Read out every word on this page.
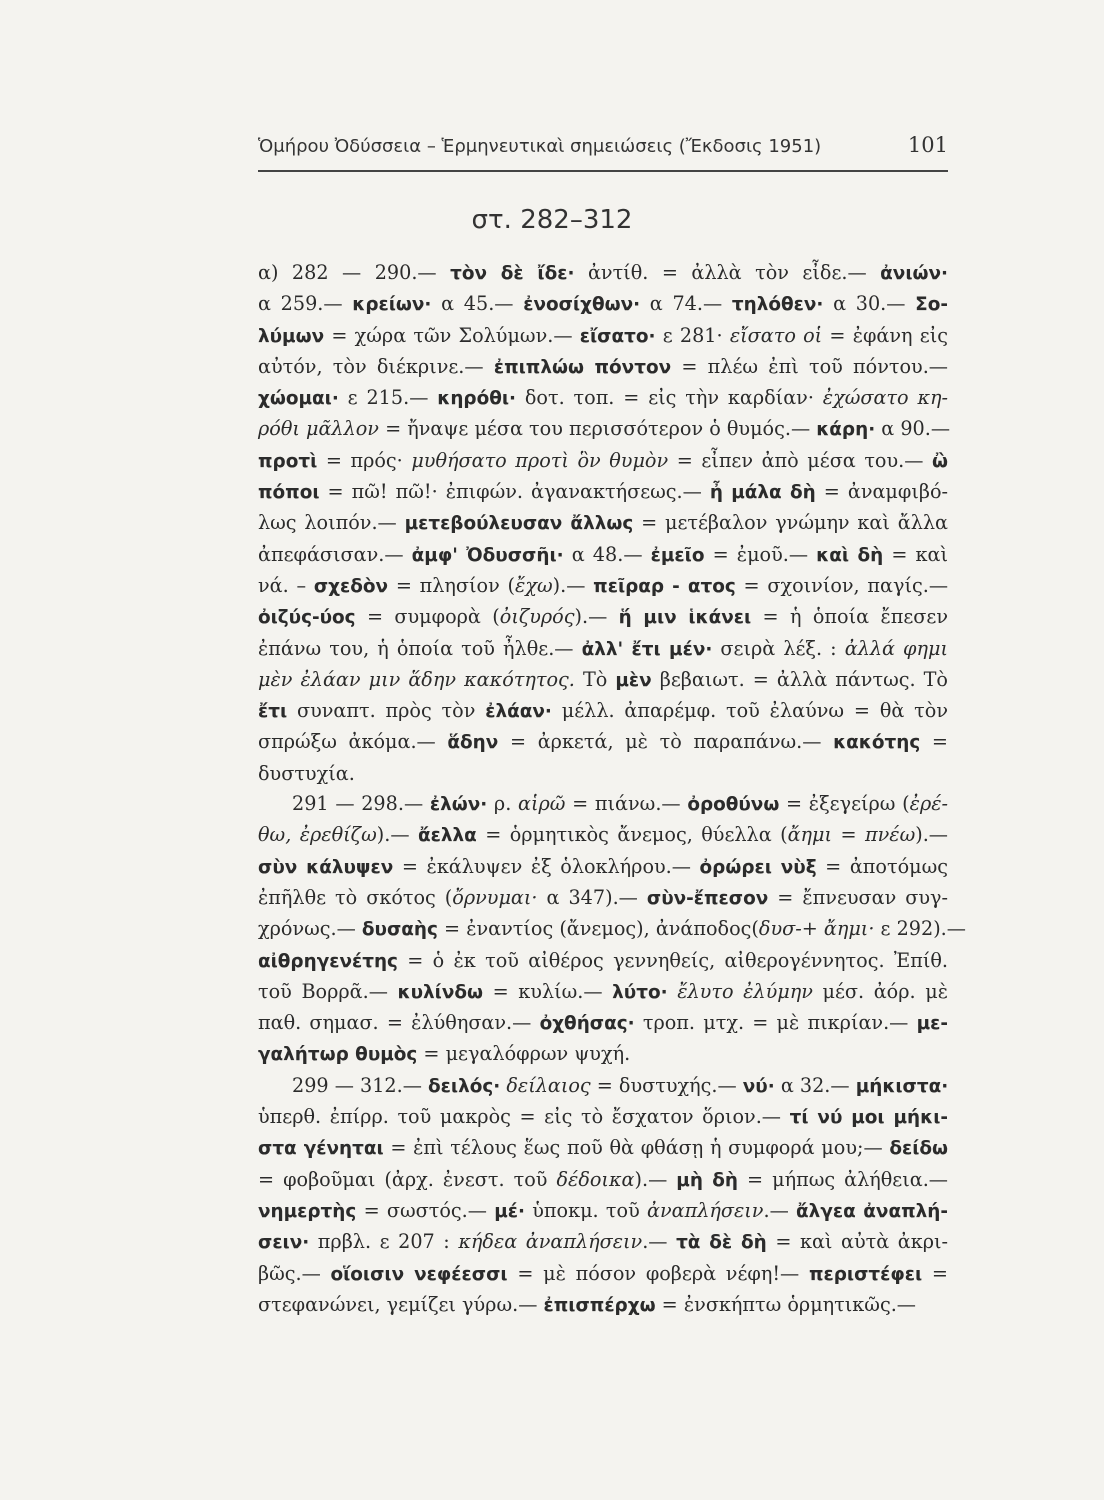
Ὁμήρου Ὀδύσσεια – Ἑρμηνευτικαὶ σημειώσεις (Ἔκδοσις 1951)	101
στ. 282–312

α) 282 — 290.— τὸν δὲ ἴδε· ἀντίθ. = ἀλλὰ τὸν εἶδε.— ἀνιών·
α 259.— κρείων· α 45.— ἐνοσίχθων· α 74.— τηλόθεν· α 30.— Σο-
λύμων = χώρα τῶν Σολύμων.— εἴσατο· ε 281· εἴσατο οἱ = ἐφάνη εἰς
αὐτόν, τὸν διέκρινε.— ἐπιπλώω πόντον = πλέω ἐπὶ τοῦ πόντου.—
χώομαι· ε 215.— κηρόθι· δοτ. τοπ. = εἰς τὴν καρδίαν· ἐχώσατο κη-
ρόθι μᾶλλον = ἤναψε μέσα του περισσότερον ὁ θυμός.— κάρη· α 90.—
προτὶ = πρός· μυθήσατο προτὶ ὃν θυμὸν = εἶπεν ἀπὸ μέσα του.— ὢ
πόποι = πῶ! πῶ!· ἐπιφών. ἀγανακτήσεως.— ἦ μάλα δὴ = ἀναμφιβό-
λως λοιπόν.— μετεβούλευσαν ἄλλως = μετέβαλον γνώμην καὶ ἄλλα
ἀπεφάσισαν.— ἀμφ' Ὀδυσσῆι· α 48.— ἐμεῖο = ἐμοῦ.— καὶ δὴ = καὶ
νά. – σχεδὸν = πλησίον (ἔχω).— πεῖραρ - ατος = σχοινίον, παγίς.—
ὀιζύς-ύος = συμφορὰ (ὀιζυρός).— ἥ μιν ἱκάνει = ἡ ὁποία ἔπεσεν
ἐπάνω του, ἡ ὁποία τοῦ ἦλθε.— ἀλλ' ἔτι μέν· σειρὰ λέξ. : ἀλλά φημι
μὲν ἐλάαν μιν ἅδην κακότητος. Τὸ μὲν βεβαιωτ. = ἀλλὰ πάντως. Τὸ
ἔτι συναπτ. πρὸς τὸν ἐλάαν· μέλλ. ἀπαρέμφ. τοῦ ἐλαύνω = θὰ τὸν
σπρώξω ἀκόμα.— ἅδην = ἀρκετά, μὲ τὸ παραπάνω.— κακότης =
δυστυχία.

291 — 298.— ἐλών· ρ. αἱρῶ = πιάνω.— ὀροθύνω = ἐξεγείρω (ἐρέ-
θω, ἐρεθίζω).— ἄελλα = ὁρμητικὸς ἄνεμος, θύελλα (ἄημι = πνέω).—
σὺν κάλυψεν = ἐκάλυψεν ἐξ ὁλοκλήρου.— ὀρώρει νὺξ = ἀποτόμως
ἐπῆλθε τὸ σκότος (ὄρνυμαι· α 347).— σὺν-ἔπεσον = ἔπνευσαν συγ-
χρόνως.— δυσαὴς = ἐναντίος (ἄνεμος), ἀνάποδος(δυσ-+ ἄημι· ε 292).—
αἰθρηγενέτης = ὁ ἐκ τοῦ αἰθέρος γεννηθείς, αἰθερογέννητος. Ἐπίθ.
τοῦ Βορρᾶ.— κυλίνδω = κυλίω.— λύτο· ἔλυτο ἐλύμην μέσ. ἀόρ. μὲ
παθ. σημασ. = ἐλύθησαν.— ὀχθήσας· τροπ. μτχ. = μὲ πικρίαν.— με-
γαλήτωρ θυμὸς = μεγαλόφρων ψυχή.

299 — 312.— δειλός· δείλαιος = δυστυχής.— νύ· α 32.— μήκιστα·
ὑπερθ. ἐπίρρ. τοῦ μακρὸς = εἰς τὸ ἔσχατον ὅριον.— τί νύ μοι μήκι-
στα γένηται = ἐπὶ τέλους ἕως ποῦ θὰ φθάσῃ ἡ συμφορά μου;— δείδω
= φοβοῦμαι (ἀρχ. ἐνεστ. τοῦ δέδοικα).— μὴ δὴ = μήπως ἀλήθεια.—
νημερτὴς = σωστός.— μέ· ὑποκμ. τοῦ ἀναπλήσειν.— ἄλγεα ἀναπλή-
σειν· πρβλ. ε 207 : κήδεα ἀναπλήσειν.— τὰ δὲ δὴ = καὶ αὐτὰ ἀκρι-
βῶς.— οἵοισιν νεφέεσσι = μὲ πόσον φοβερὰ νέφη!— περιστέφει =
στεφανώνει, γεμίζει γύρω.— ἐπισπέρχω = ἐνσκήπτω ὁρμητικῶς.—
